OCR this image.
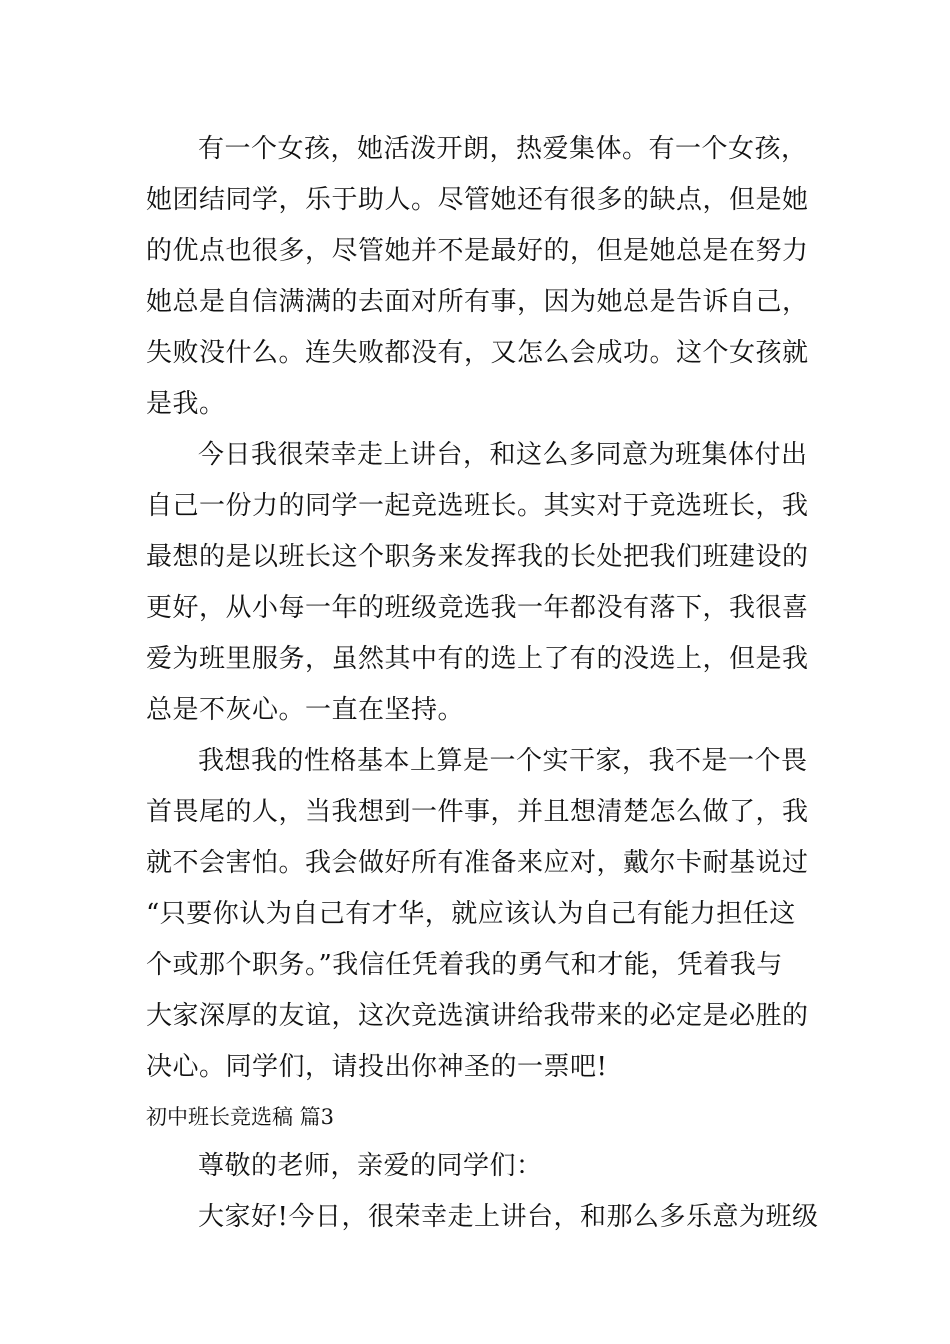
有一个女孩，她活泼开朗，热爱集体。有一个女孩，
她团结同学，乐于助人。尽管她还有很多的缺点，但是她
的优点也很多，尽管她并不是最好的，但是她总是在努力
她总是自信满满的去面对所有事，因为她总是告诉自己，
失败没什么。连失败都没有，又怎么会成功。这个女孩就
是我。
今日我很荣幸走上讲台，和这么多同意为班集体付出
自己一份力的同学一起竞选班长。其实对于竞选班长，我
最想的是以班长这个职务来发挥我的长处把我们班建设的
更好，从小每一年的班级竞选我一年都没有落下，我很喜
爱为班里服务，虽然其中有的选上了有的没选上，但是我
总是不灰心。一直在坚持。
我想我的性格基本上算是一个实干家，我不是一个畏
首畏尾的人，当我想到一件事，并且想清楚怎么做了，我
就不会害怕。我会做好所有准备来应对，戴尔卡耐基说过
“只要你认为自己有才华，就应该认为自己有能力担任这
个或那个职务。”我信任凭着我的勇气和才能，凭着我与
大家深厚的友谊，这次竞选演讲给我带来的必定是必胜的
决心。同学们，请投出你神圣的一票吧!
初中班长竞选稿 篇3
尊敬的老师，亲爱的同学们：
大家好!今日，很荣幸走上讲台，和那么多乐意为班级
